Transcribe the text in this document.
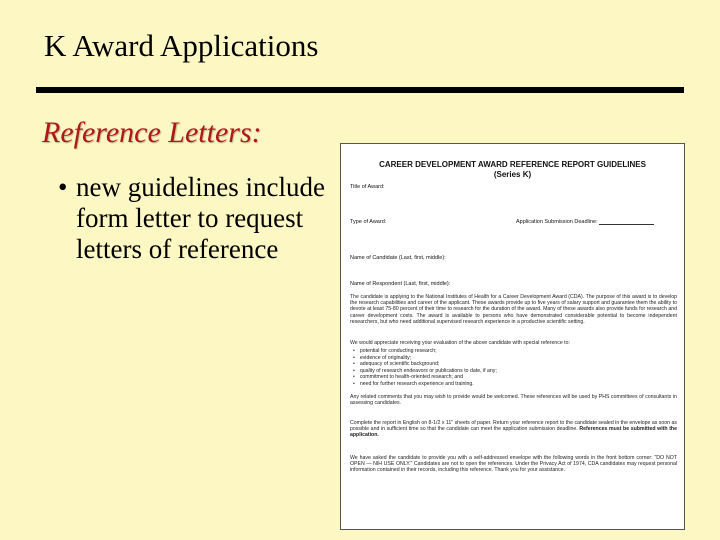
K Award Applications
Reference Letters:
• new guidelines include form letter to request letters of reference
CAREER DEVELOPMENT AWARD REFERENCE REPORT GUIDELINES
(Series K)
Title of Award:
Type of Award:	Application Submission Deadline:
Name of Candidate (Last, first, middle):
Name of Respondent (Last, first, middle):
The candidate is applying to the National Institutes of Health for a Career Development Award (CDA). The purpose of this award is to develop the research capabilities and career of the applicant. These awards provide up to five years of salary support and guarantee them the ability to devote at least 75-80 percent of their time to research for the duration of the award. Many of these awards also provide funds for research and career development costs. The award is available to persons who have demonstrated considerable potential to become independent researchers, but who need additional supervised research experience in a productive scientific setting.
We would appreciate receiving your evaluation of the above candidate with special reference to:
• potential for conducting research;
• evidence of originality;
• adequacy of scientific background;
• quality of research endeavors or publications to date, if any;
• commitment to health-oriented research; and
• need for further research experience and training.
Any related comments that you may wish to provide would be welcomed. These references will be used by PHS committees of consultants in assessing candidates.
Complete the report in English on 8-1/2 x 11" sheets of paper. Return your reference report to the candidate sealed in the envelope as soon as possible and in sufficient time so that the candidate can meet the application submission deadline. References must be submitted with the application.
We have asked the candidate to provide you with a self-addressed envelope with the following words in the front bottom corner: "DO NOT OPEN — NIH USE ONLY." Candidates are not to open the references. Under the Privacy Act of 1974, CDA candidates may request personal information contained in their records, including this reference. Thank you for your assistance.
